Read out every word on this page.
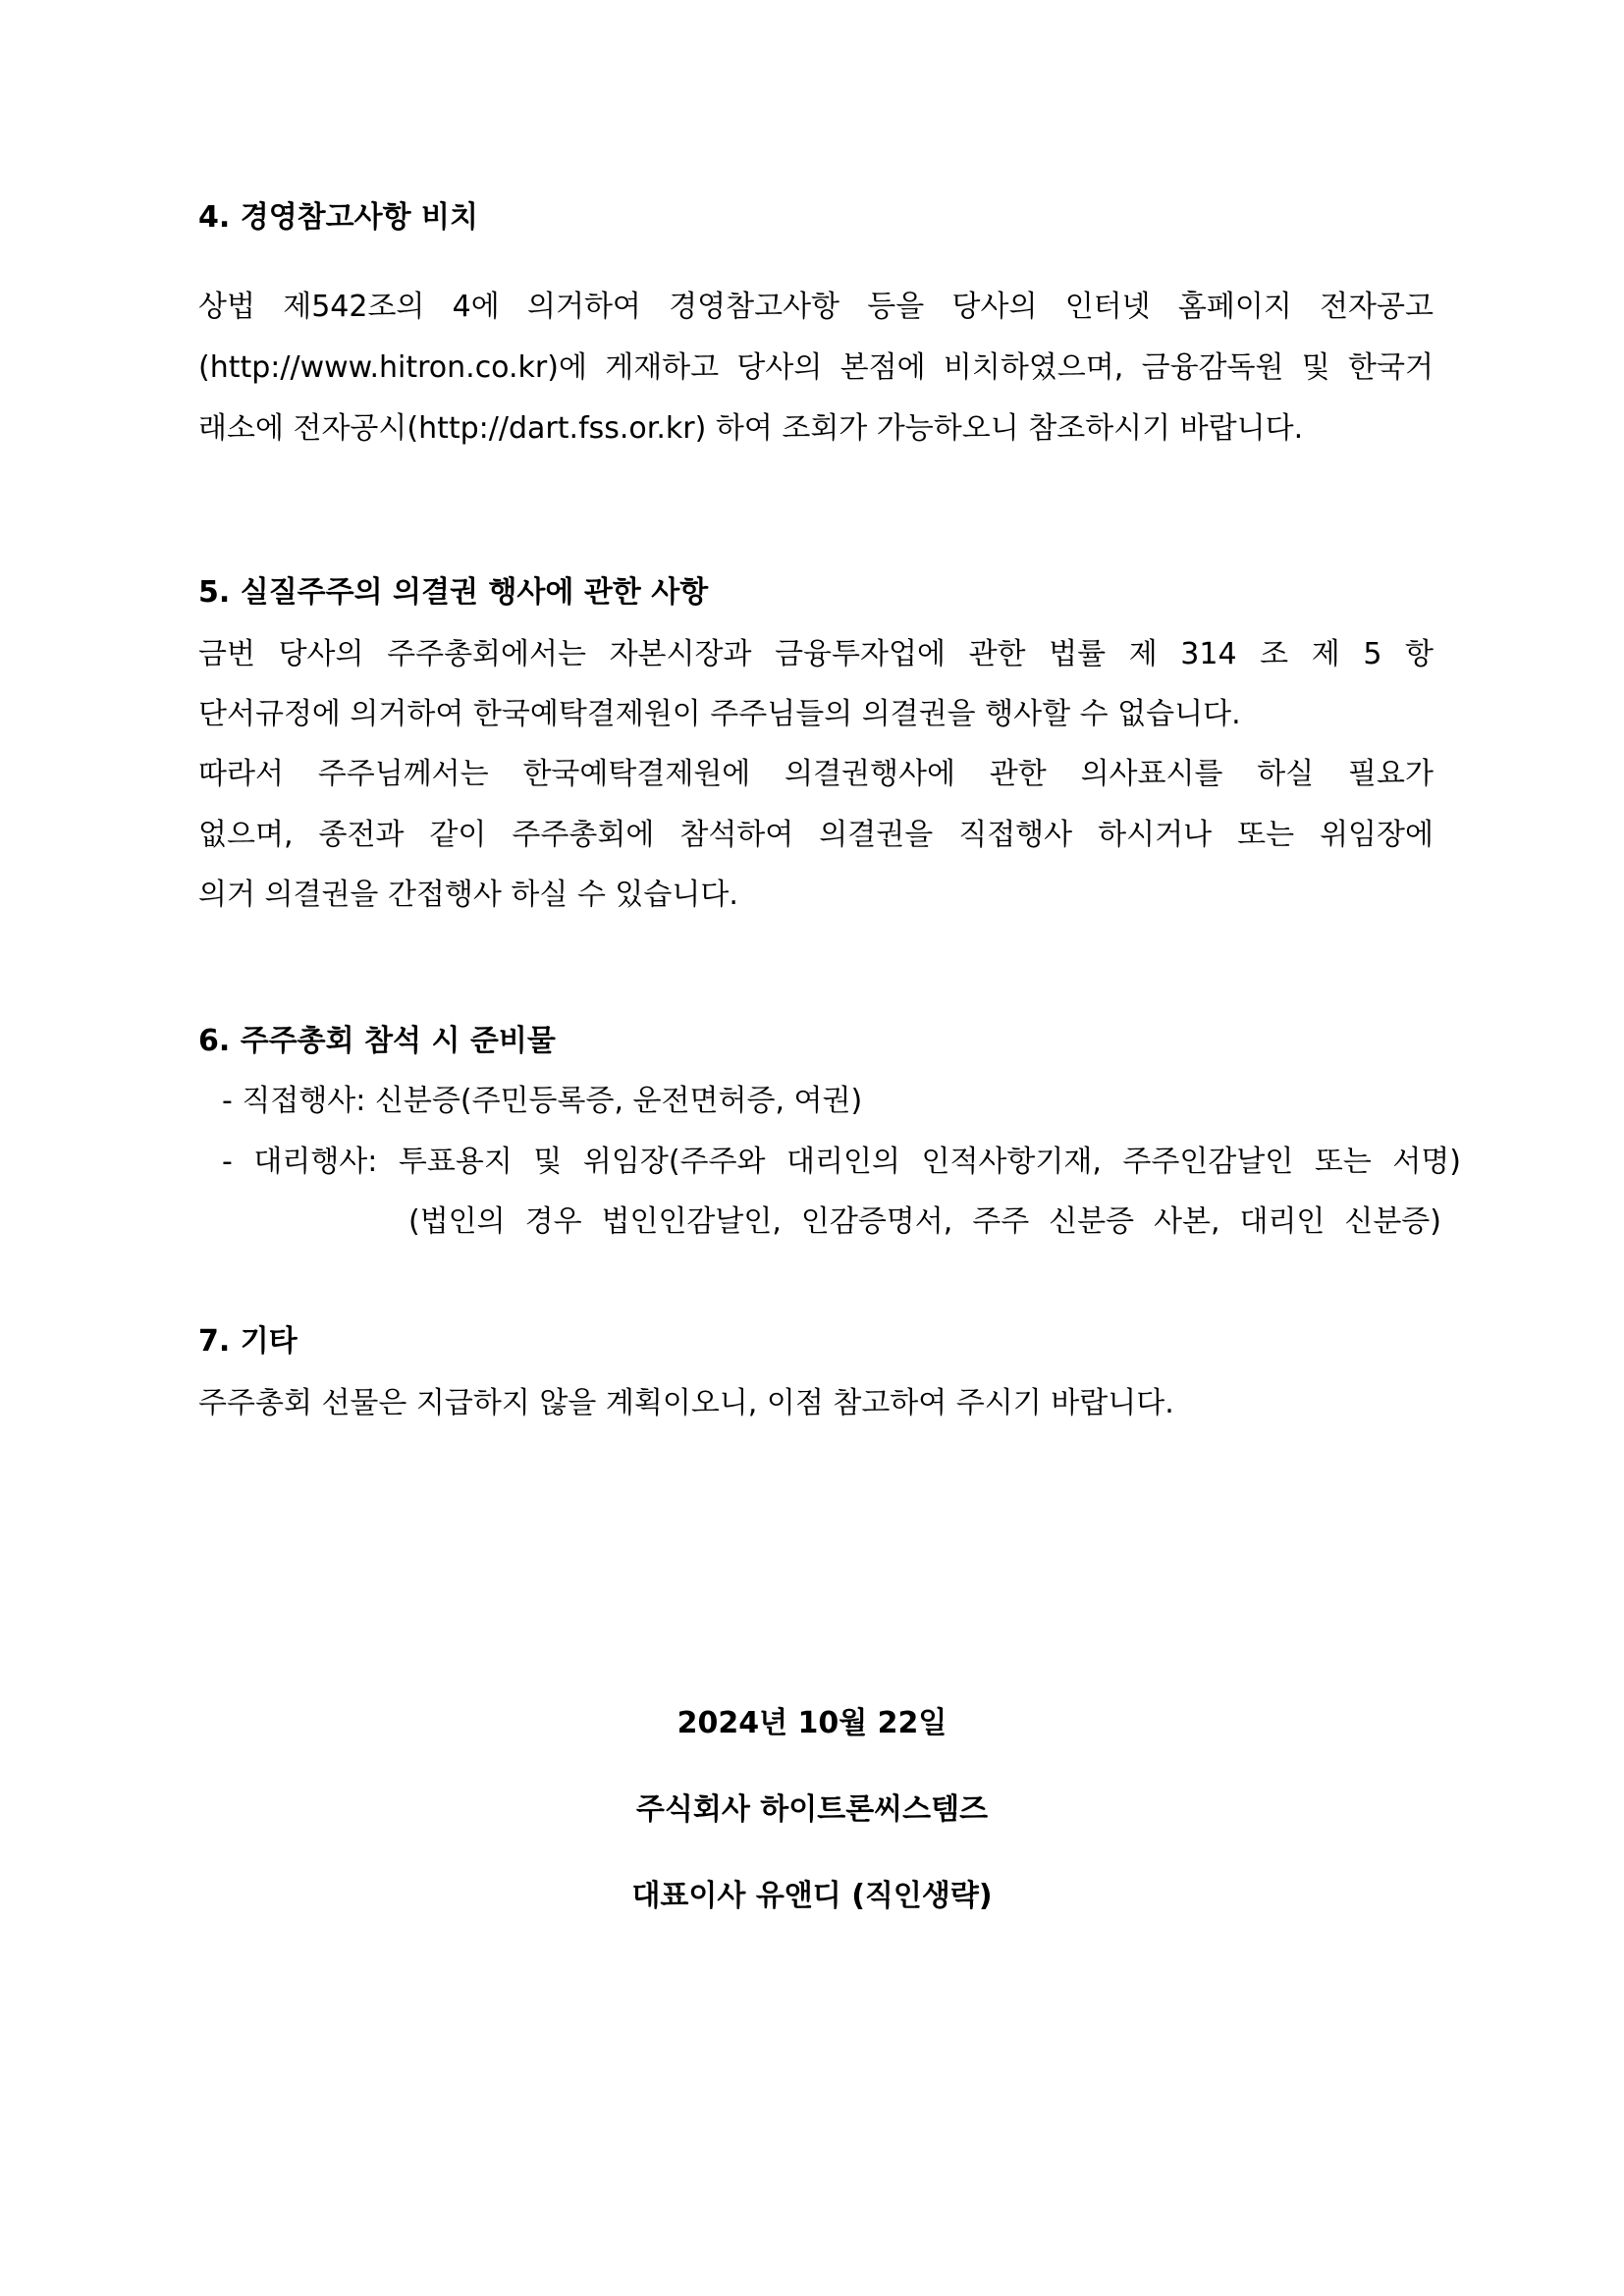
4. 경영참고사항 비치
상법 제542조의 4에 의거하여 경영참고사항 등을 당사의 인터넷 홈페이지 전자공고
(http://www.hitron.co.kr)에 게재하고 당사의 본점에 비치하였으며, 금융감독원 및 한국거
래소에 전자공시(http://dart.fss.or.kr) 하여 조회가 가능하오니 참조하시기 바랍니다.
5. 실질주주의 의결권 행사에 관한 사항
금번 당사의 주주총회에서는 자본시장과 금융투자업에 관한 법률 제 314 조 제 5 항
단서규정에 의거하여 한국예탁결제원이 주주님들의 의결권을 행사할 수 없습니다.
따라서 주주님께서는 한국예탁결제원에 의결권행사에 관한 의사표시를 하실 필요가
없으며, 종전과 같이 주주총회에 참석하여 의결권을 직접행사 하시거나 또는 위임장에
의거 의결권을 간접행사 하실 수 있습니다.
6. 주주총회 참석 시 준비물
- 직접행사: 신분증(주민등록증, 운전면허증, 여권)
- 대리행사: 투표용지 및 위임장(주주와 대리인의 인적사항기재, 주주인감날인 또는 서명)
(법인의 경우 법인인감날인, 인감증명서, 주주 신분증 사본, 대리인 신분증)
7. 기타
주주총회 선물은 지급하지 않을 계획이오니, 이점 참고하여 주시기 바랍니다.
2024년 10월 22일
주식회사 하이트론씨스템즈
대표이사 유앤디 (직인생략)
